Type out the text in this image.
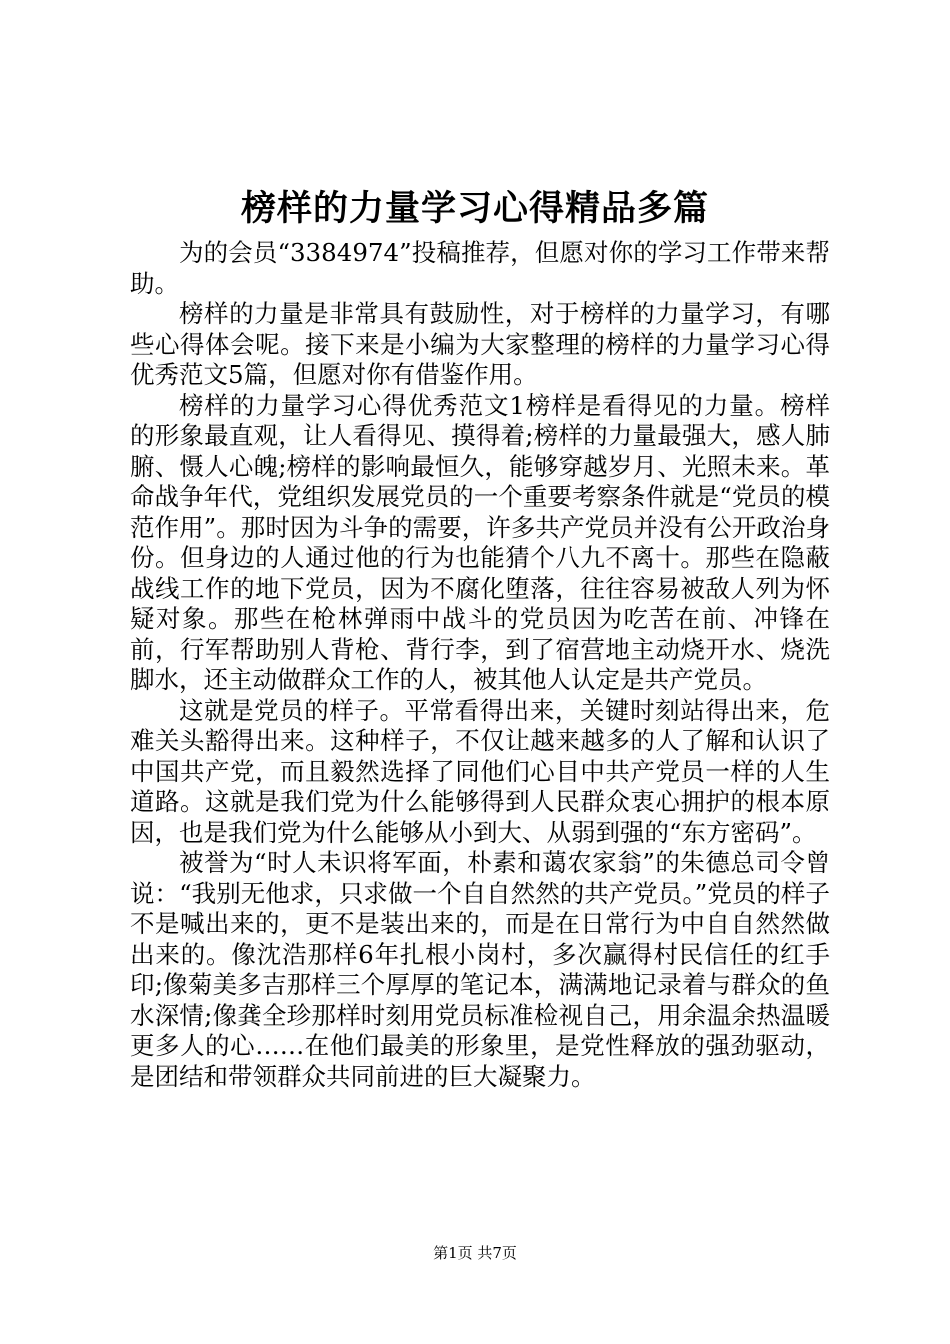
榜样的力量学习心得精品多篇

为的会员“3384974”投稿推荐，但愿对你的学习工作带来帮助。

榜样的力量是非常具有鼓励性，对于榜样的力量学习，有哪些心得体会呢。接下来是小编为大家整理的榜样的力量学习心得优秀范文5篇，但愿对你有借鉴作用。

榜样的力量学习心得优秀范文1榜样是看得见的力量。榜样的形象最直观，让人看得见、摸得着;榜样的力量最强大，感人肺腑、慑人心魄;榜样的影响最恒久，能够穿越岁月、光照未来。革命战争年代，党组织发展党员的一个重要考察条件就是“党员的模范作用”。那时因为斗争的需要，许多共产党员并没有公开政治身份。但身边的人通过他的行为也能猜个八九不离十。那些在隐蔽战线工作的地下党员，因为不腐化堕落，往往容易被敌人列为怀疑对象。那些在枪林弹雨中战斗的党员因为吃苦在前、冲锋在前，行军帮助别人背枪、背行李，到了宿营地主动烧开水、烧洗脚水，还主动做群众工作的人，被其他人认定是共产党员。

这就是党员的样子。平常看得出来，关键时刻站得出来，危难关头豁得出来。这种样子，不仅让越来越多的人了解和认识了中国共产党，而且毅然选择了同他们心目中共产党员一样的人生道路。这就是我们党为什么能够得到人民群众衷心拥护的根本原因，也是我们党为什么能够从小到大、从弱到强的“东方密码”。

被誉为“时人未识将军面，朴素和蔼农家翁”的朱德总司令曾说：“我别无他求，只求做一个自自然然的共产党员。”党员的样子不是喊出来的，更不是装出来的，而是在日常行为中自自然然做出来的。像沈浩那样6年扎根小岗村，多次赢得村民信任的红手印;像菊美多吉那样三个厚厚的笔记本，满满地记录着与群众的鱼水深情;像龚全珍那样时刻用党员标准检视自己，用余温余热温暖更多人的心……在他们最美的形象里，是党性释放的强劲驱动，是团结和带领群众共同前进的巨大凝聚力。

第1页 共7页
